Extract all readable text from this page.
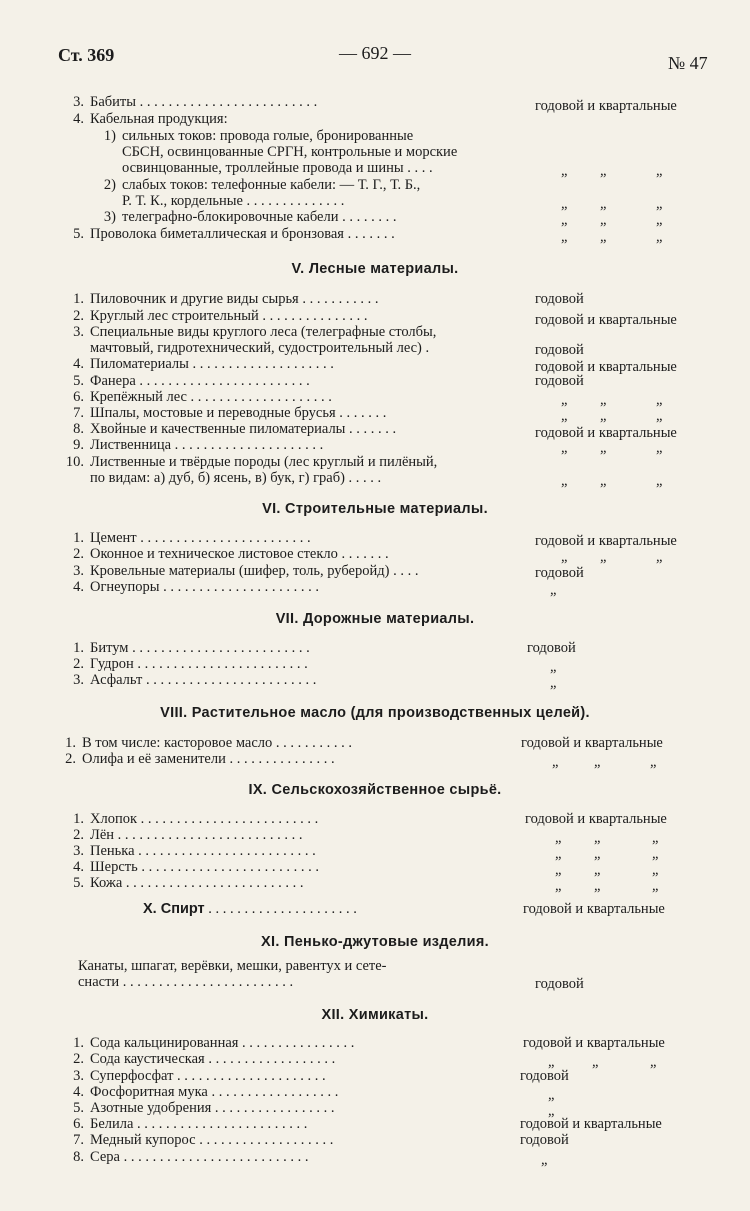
Ст. 369	— 692 —	№ 47
3. Бабиты . . . . . . . . . . . . . . . . . . . . . . . . .	годовой и квартальные
4. Кабельная продукция:
1) сильных токов: провода голые, бронированные
СБСН, освинцованные СРГН, контрольные и морские
освинцованные, троллейные провода и шины . . . .	„ „	„
2) слабых токов: телефонные кабели: — Т. Г., Т. Б.,
Р. Т. К., кордельные . . . . . . . . . . . . . .	„ „	„
3) телеграфно-блокировочные кабели . . . . . . . .	„ „	„
5. Проволока биметаллическая и бронзовая . . . . . . .	„ „	„
V. Лесные материалы.
1. Пиловочник и другие виды сырья . . . . . . . . . . .	годовой
2. Круглый лес строительный . . . . . . . . . . . . . . .	годовой и квартальные
3. Специальные виды круглого леса (телеграфные столбы,
мачтовый, гидротехнический, судостроительный лес) .	годовой
4. Пиломатериалы . . . . . . . . . . . . . . . . . . . .	годовой и квартальные
5. Фанера . . . . . . . . . . . . . . . . . . . . . . . .	годовой
6. Крепёжный лес . . . . . . . . . . . . . . . . . . . .	„ „	„
7. Шпалы, мостовые и переводные брусья . . . . . . .	„ „	„
8. Хвойные и качественные пиломатериалы . . . . . . .	годовой и квартальные
9. Лиственница . . . . . . . . . . . . . . . . . . . . .	„ „	„
10. Лиственные и твёрдые породы (лес круглый и пилёный,
по видам: а) дуб, б) ясень, в) бук, г) граб) . . . . .	„ „	„
VI. Строительные материалы.
1. Цемент . . . . . . . . . . . . . . . . . . . . . . . .	годовой и квартальные
2. Оконное и техническое листовое стекло . . . . . . .	„ „	„
3. Кровельные материалы (шифер, толь, руберойд) . . . .	годовой
4. Огнеупоры . . . . . . . . . . . . . . . . . . . . . .	„
VII. Дорожные материалы.
1. Битум . . . . . . . . . . . . . . . . . . . . . . . . .	годовой
2. Гудрон . . . . . . . . . . . . . . . . . . . . . . . .	„
3. Асфальт . . . . . . . . . . . . . . . . . . . . . . . .	„
VIII. Растительное масло (для производственных целей).
1. В том числе: касторовое масло . . . . . . . . . . .	годовой и квартальные
2. Олифа и её заменители . . . . . . . . . . . . . . .	„ „	„
IX. Сельскохозяйственное сырьё.
1. Хлопок . . . . . . . . . . . . . . . . . . . . . . . . .	годовой и квартальные
2. Лён . . . . . . . . . . . . . . . . . . . . . . . . . .	„ „	„
3. Пенька . . . . . . . . . . . . . . . . . . . . . . . . .	„ „	„
4. Шерсть . . . . . . . . . . . . . . . . . . . . . . . . .	„ „	„
5. Кожа . . . . . . . . . . . . . . . . . . . . . . . . .	„ „	„
X. Спирт . . . . . . . . . . . . . . . . . . . . .	годовой и квартальные
XI. Пенько-джутовые изделия.
Канаты, шпагат, верёвки, мешки, равентух и сете-
снасти . . . . . . . . . . . . . . . . . . . . . . . .	годовой
XII. Химикаты.
1. Сода кальцинированная . . . . . . . . . . . . . . . .	годовой и квартальные
2. Сода каустическая . . . . . . . . . . . . . . . . . .	„	„	„
3. Суперфосфат . . . . . . . . . . . . . . . . . . . . .	годовой
4. Фосфоритная мука . . . . . . . . . . . . . . . . . .	„
5. Азотные удобрения . . . . . . . . . . . . . . . . .	„
6. Белила . . . . . . . . . . . . . . . . . . . . . . . .	годовой и квартальные
7. Медный купорос . . . . . . . . . . . . . . . . . . .	годовой
8. Сера . . . . . . . . . . . . . . . . . . . . . . . . . .	„
